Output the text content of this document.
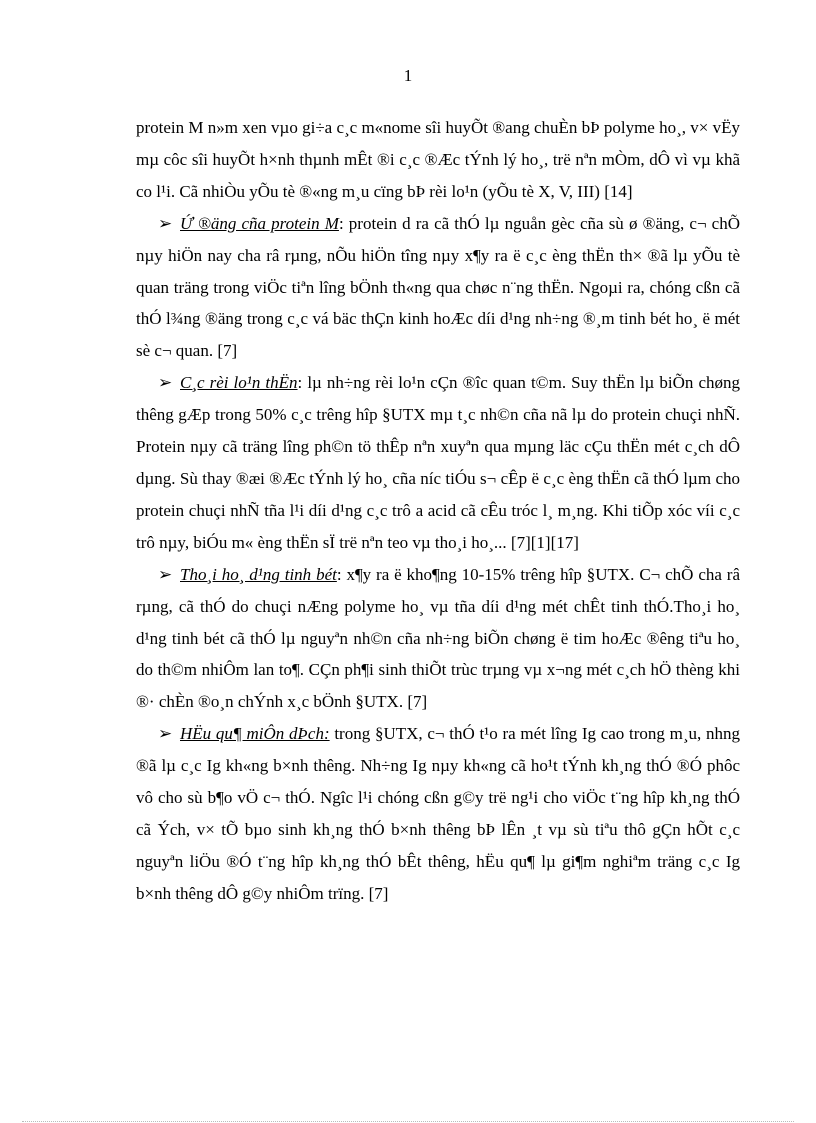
1

protein M n»m xen vµo gi÷a c¸c m«nome sîi huyÕt ®ang chuÈn bÞ polyme ho¸, v× vËy mµ côc sîi huyÕt h×nh thµnh mÊt ®i c¸c ®Æc tÝnh lý ho¸, trë nªn mÒm, dÔ vì vµ khã co l¹i. Cã nhiÒu yÕu tè ®«ng m¸u cïng bÞ rèi lo¹n (yÕu tè X, V, III) [14]

➢ Ứ ®äng cña protein M: protein d ra cã thÓ lµ nguån gèc cña sù ø ®äng, c¬ chÕ nµy hiÖn nay cha râ rµng, nÕu hiÖn tîng nµy x¶y ra ë c¸c èng thËn th× ®ã lµ yÕu tè quan träng trong viÖc tiªn lîng bÖnh th«ng qua chøc n¨ng thËn. Ngoµi ra, chóng cßn cã thÓ l¾ng ®äng trong c¸c vá bäc thÇn kinh hoÆc díi d¹ng nh÷ng ®¸m tinh bét ho¸ ë mét sè c¬ quan. [7]

➢ C¸c rèi lo¹n thËn: lµ nh÷ng rèi lo¹n cÇn ®îc quan t©m. Suy thËn lµ biÕn chøng thêng gÆp trong 50% c¸c trêng hîp §UTX mµ t¸c nh©n cña nã lµ do protein chuçi nhÑ. Protein nµy cã träng lîng ph©n tö thÊp nªn xuyªn qua mµng läc cÇu thËn mét c¸ch dÔ dµng. Sù thay ®æi ®Æc tÝnh lý ho¸ cña níc tiÓu s¬ cÊp ë c¸c èng thËn cã thÓ lµm cho protein chuçi nhÑ tña l¹i díi d¹ng c¸c trô a acid cã cÊu tróc l¸ m¸ng. Khi tiÕp xóc víi c¸c trô nµy, biÓu m« èng thËn sÏ trë nªn teo vµ tho¸i ho¸... [7][1][17]

➢ Tho¸i ho¸ d¹ng tinh bét: x¶y ra ë kho¶ng 10-15% trêng hîp §UTX. C¬ chÕ cha râ rµng, cã thÓ do chuçi nÆng polyme ho¸ vµ tña díi d¹ng mét chÊt tinh thÓ.Tho¸i ho¸ d¹ng tinh bét cã thÓ lµ nguyªn nh©n cña nh÷ng biÕn chøng ë tim hoÆc ®êng tiªu ho¸ do th©m nhiÔm lan to¶. CÇn ph¶i sinh thiÕt trùc trµng vµ x¬ng mét c¸ch hÖ thèng khi ®· chÈn ®o¸n chÝnh x¸c bÖnh §UTX. [7]

➢ HËu qu¶ miÔn dÞch: trong §UTX, c¬ thÓ t¹o ra mét lîng Ig cao trong m¸u, nhng ®ã lµ c¸c Ig kh«ng b×nh thêng. Nh÷ng Ig nµy kh«ng cã ho¹t tÝnh kh¸ng thÓ ®Ó phôc vô cho sù b¶o vÖ c¬ thÓ. Ngîc l¹i chóng cßn g©y trë ng¹i cho viÖc t¨ng hîp kh¸ng thÓ cã Ých, v× tÕ bµo sinh kh¸ng thÓ b×nh thêng bÞ lÊn ¸t vµ sù tiªu thô gÇn hÕt c¸c nguyªn liÖu ®Ó t¨ng hîp kh¸ng thÓ bÊt thêng, hËu qu¶ lµ gi¶m nghiªm träng c¸c Ig b×nh thêng dÔ g©y nhiÔm trïng. [7]
